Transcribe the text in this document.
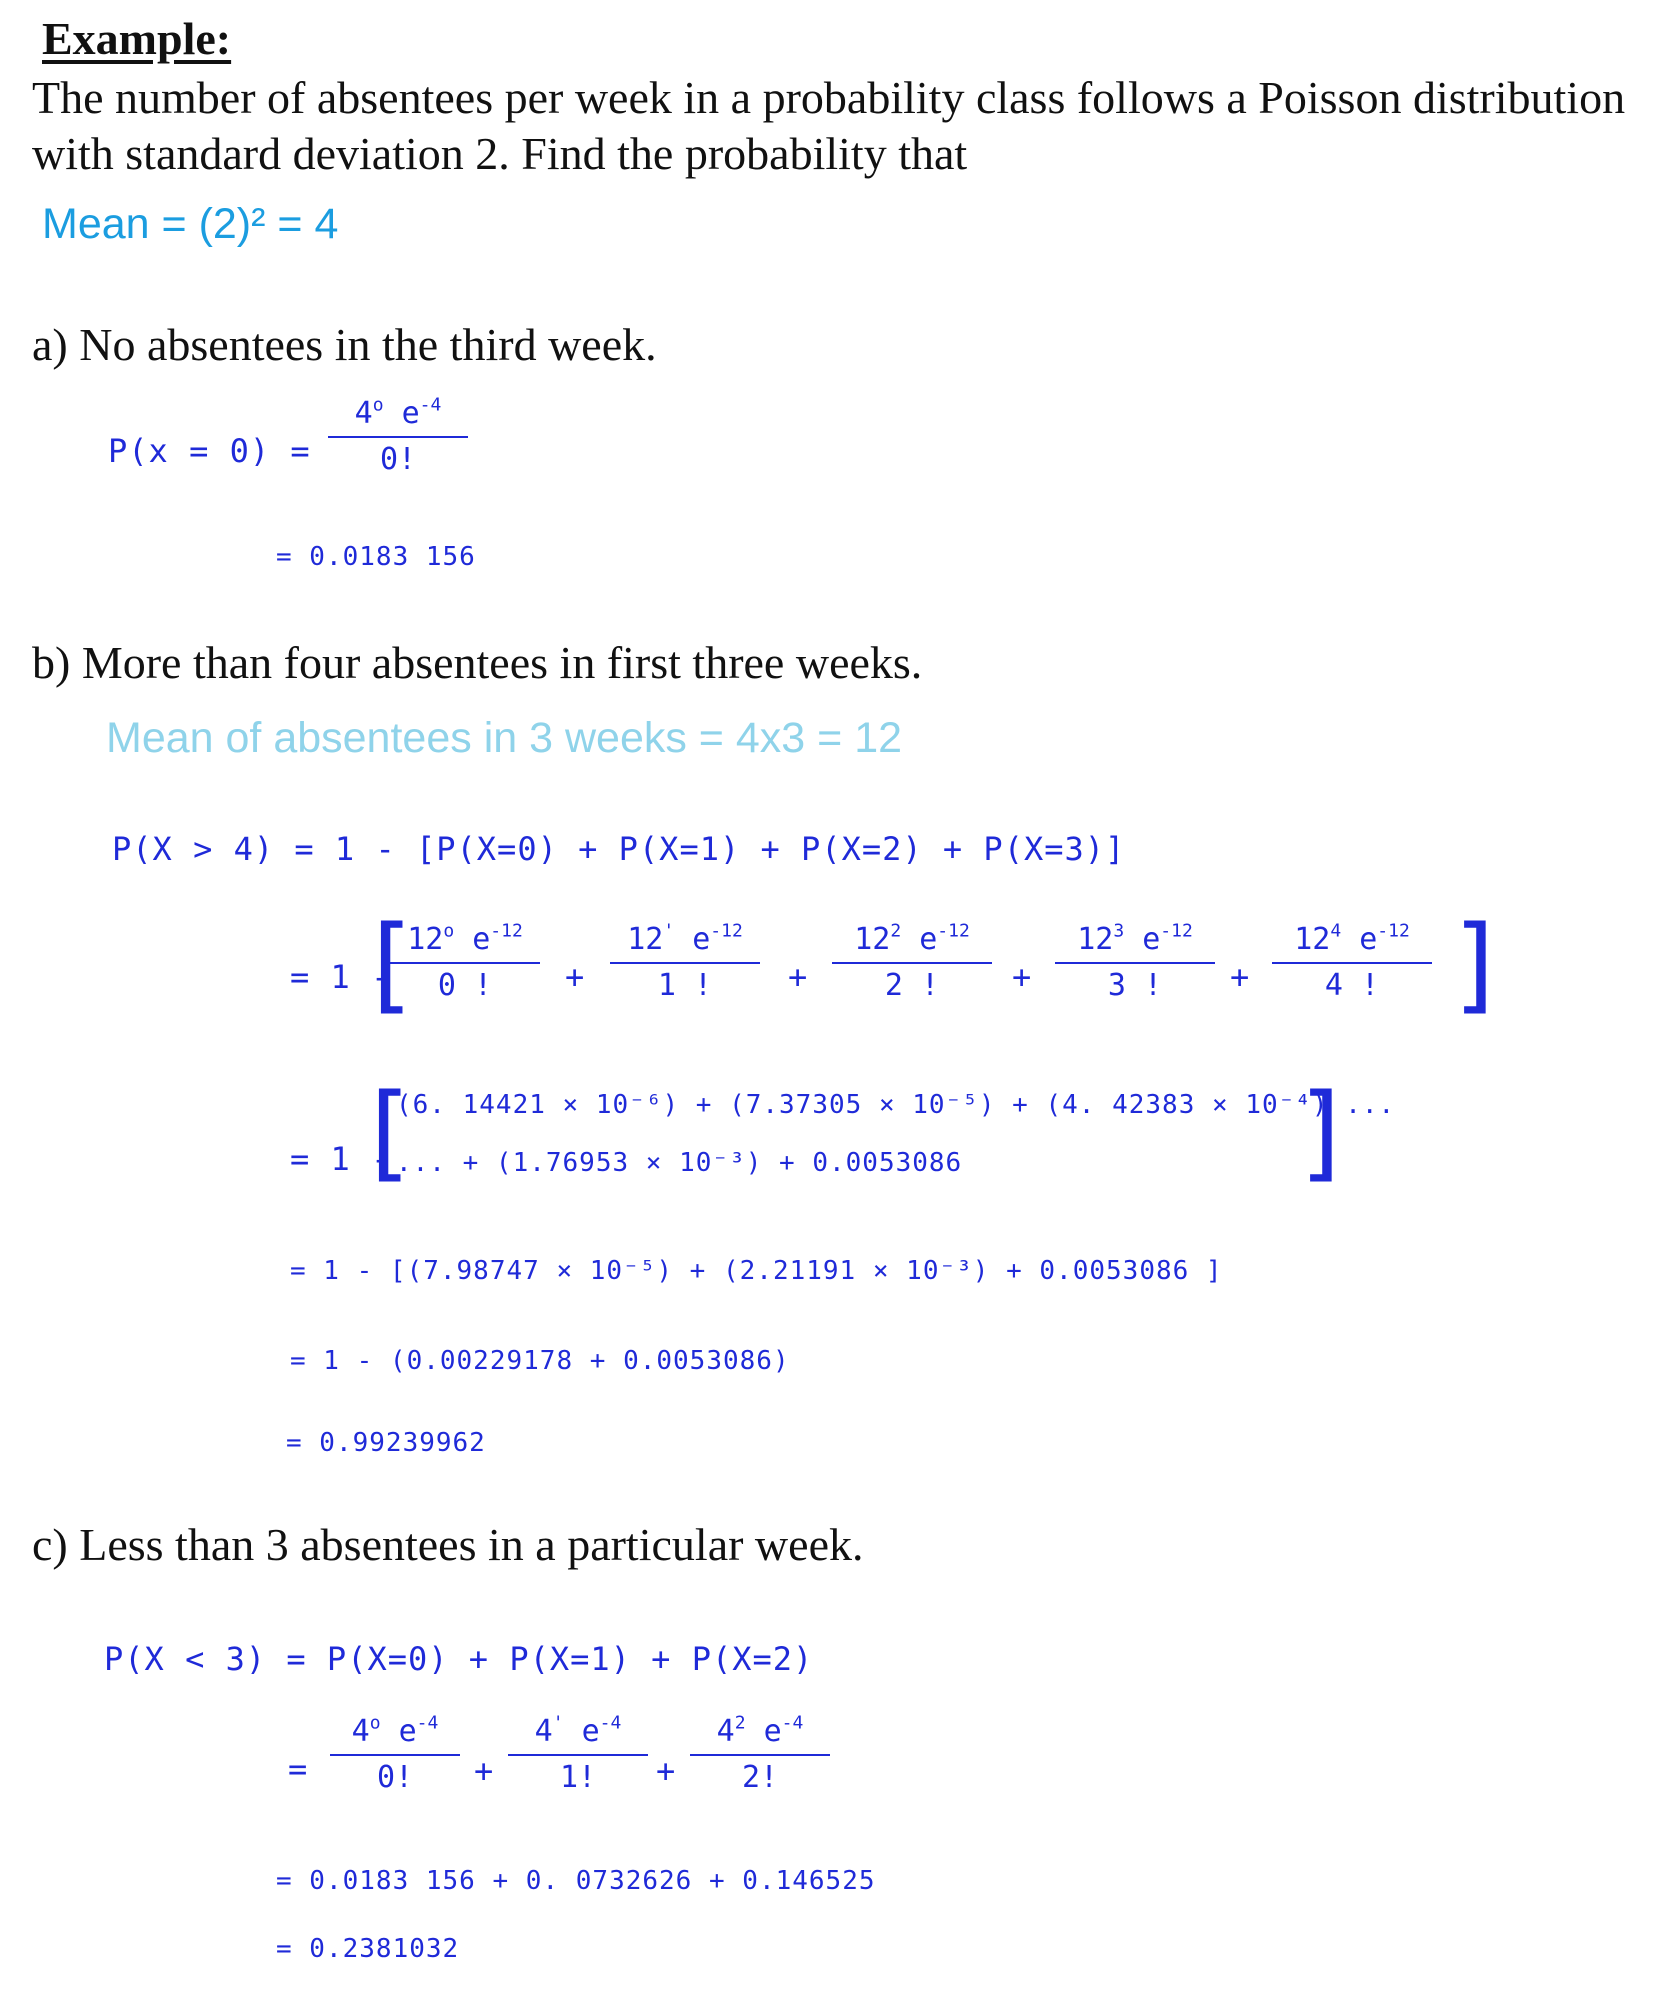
Example:
The number of absentees per week in a probability class follows a Poisson distribution with standard deviation 2. Find the probability that
Mean = (2)² = 4
a) No absentees in the third week.
P(x = 0) =
$4^o$ $e^{-4}$
0!
= 0.0183 156
b) More than four absentees in first three weeks.
Mean of absentees in 3 weeks = 4x3 = 12
P(X > 4) = 1 - [P(X=0) + P(X=1) + P(X=2) + P(X=3)]
= 1 -
[
12$^o$ $e^{-12}$
0 !	+
12' $e^{-12}$
1 !	+
$12^2$ $e^{-12}$
2 !	+
$12^3$ $e^{-12}$
3 !	+
$12^4$ $e^{-12}$
4 ! ]
= 1 -
[
(6. 14421 × 10⁻⁶) + (7.37305 × 10⁻⁵) + (4. 42383 × 10⁻⁴) ...
... + (1.76953 × 10⁻³) + 0.0053086	]
= 1 - [(7.98747 × 10⁻⁵) + (2.21191 × 10⁻³) + 0.0053086 ]
= 1 - (0.00229178 + 0.0053086)
= 0.99239962
c) Less than 3 absentees in a particular week.
P(X < 3) = P(X=0) + P(X=1) + P(X=2)
=
$4^o$ $e^{-4}$
0!	+
4' $e^{-4}$
1!	+
$4^2$ $e^{-4}$
2!
= 0.0183 156 + 0. 0732626 + 0.146525
= 0.2381032
